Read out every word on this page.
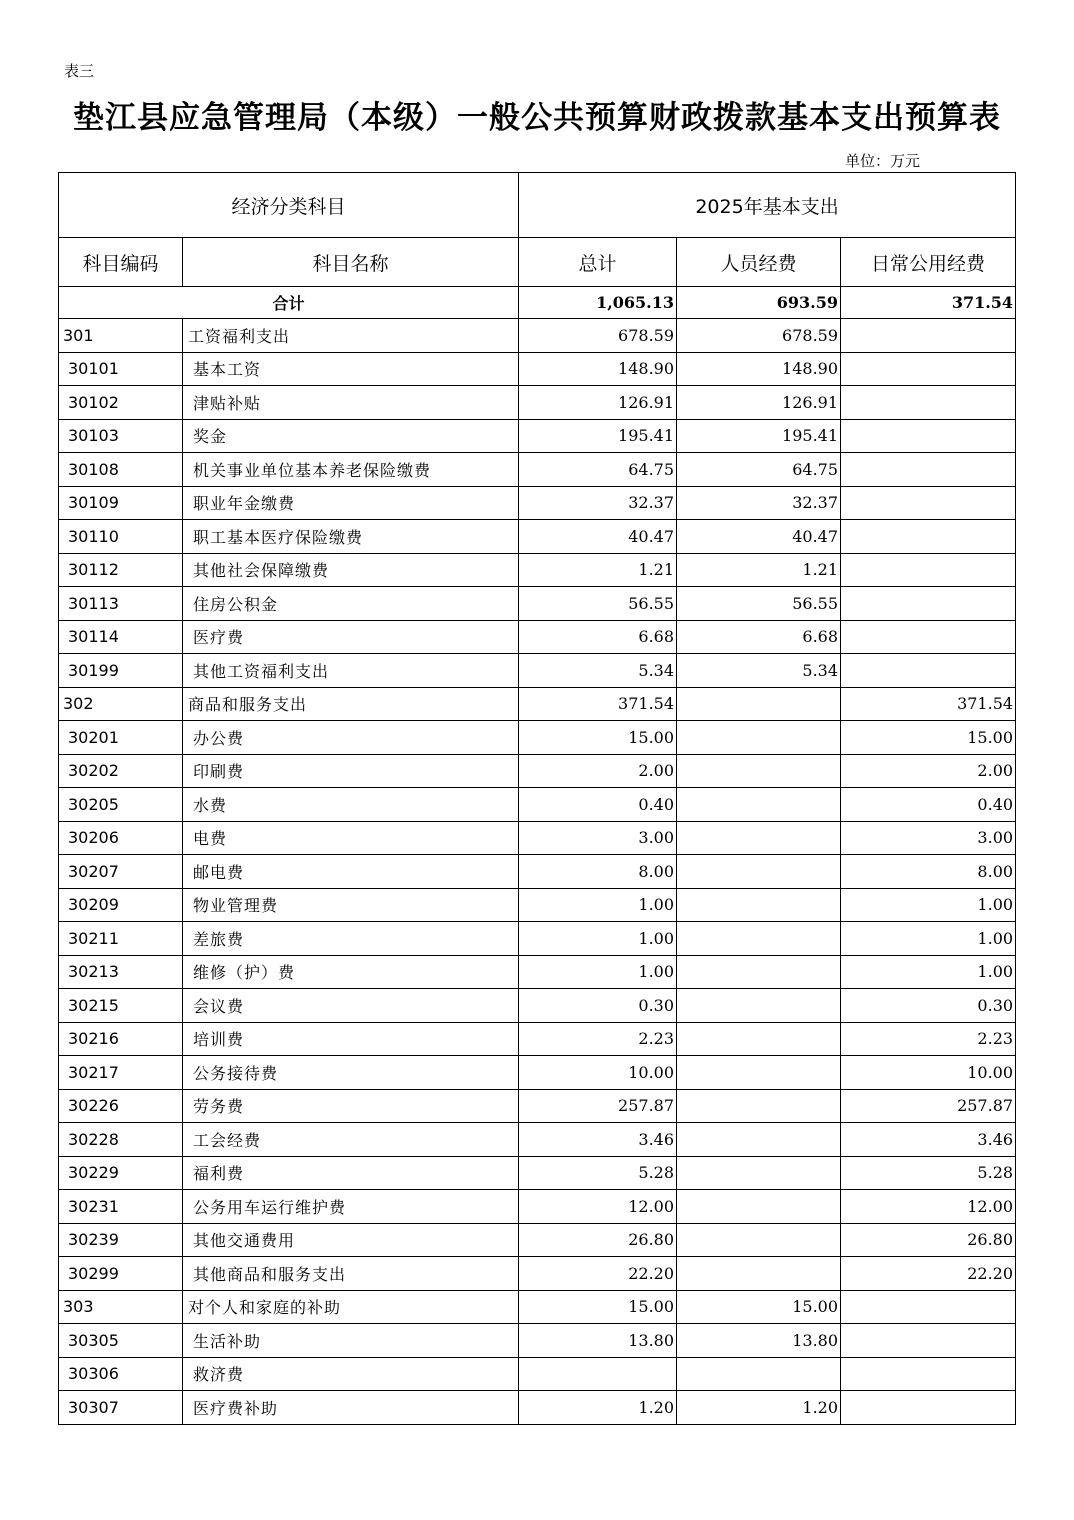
表三
垫江县应急管理局（本级）一般公共预算财政拨款基本支出预算表
单位：万元
经济分类科目		2025年基本支出		
科目编码	科目名称	总计	人员经费	日常公用经费
合计		1,065.13	693.59	371.54
301	工资福利支出	678.59	678.59	
30101	基本工资	148.90	148.90	
30102	津贴补贴	126.91	126.91	
30103	奖金	195.41	195.41	
30108	机关事业单位基本养老保险缴费	64.75	64.75	
30109	职业年金缴费	32.37	32.37	
30110	职工基本医疗保险缴费	40.47	40.47	
30112	其他社会保障缴费	1.21	1.21	
30113	住房公积金	56.55	56.55	
30114	医疗费	6.68	6.68	
30199	其他工资福利支出	5.34	5.34	
302	商品和服务支出	371.54		371.54
30201	办公费	15.00		15.00
30202	印刷费	2.00		2.00
30205	水费	0.40		0.40
30206	电费	3.00		3.00
30207	邮电费	8.00		8.00
30209	物业管理费	1.00		1.00
30211	差旅费	1.00		1.00
30213	维修（护）费	1.00		1.00
30215	会议费	0.30		0.30
30216	培训费	2.23		2.23
30217	公务接待费	10.00		10.00
30226	劳务费	257.87		257.87
30228	工会经费	3.46		3.46
30229	福利费	5.28		5.28
30231	公务用车运行维护费	12.00		12.00
30239	其他交通费用	26.80		26.80
30299	其他商品和服务支出	22.20		22.20
303	对个人和家庭的补助	15.00	15.00	
30305	生活补助	13.80	13.80	
30306	救济费			
30307	医疗费补助	1.20	1.20	
